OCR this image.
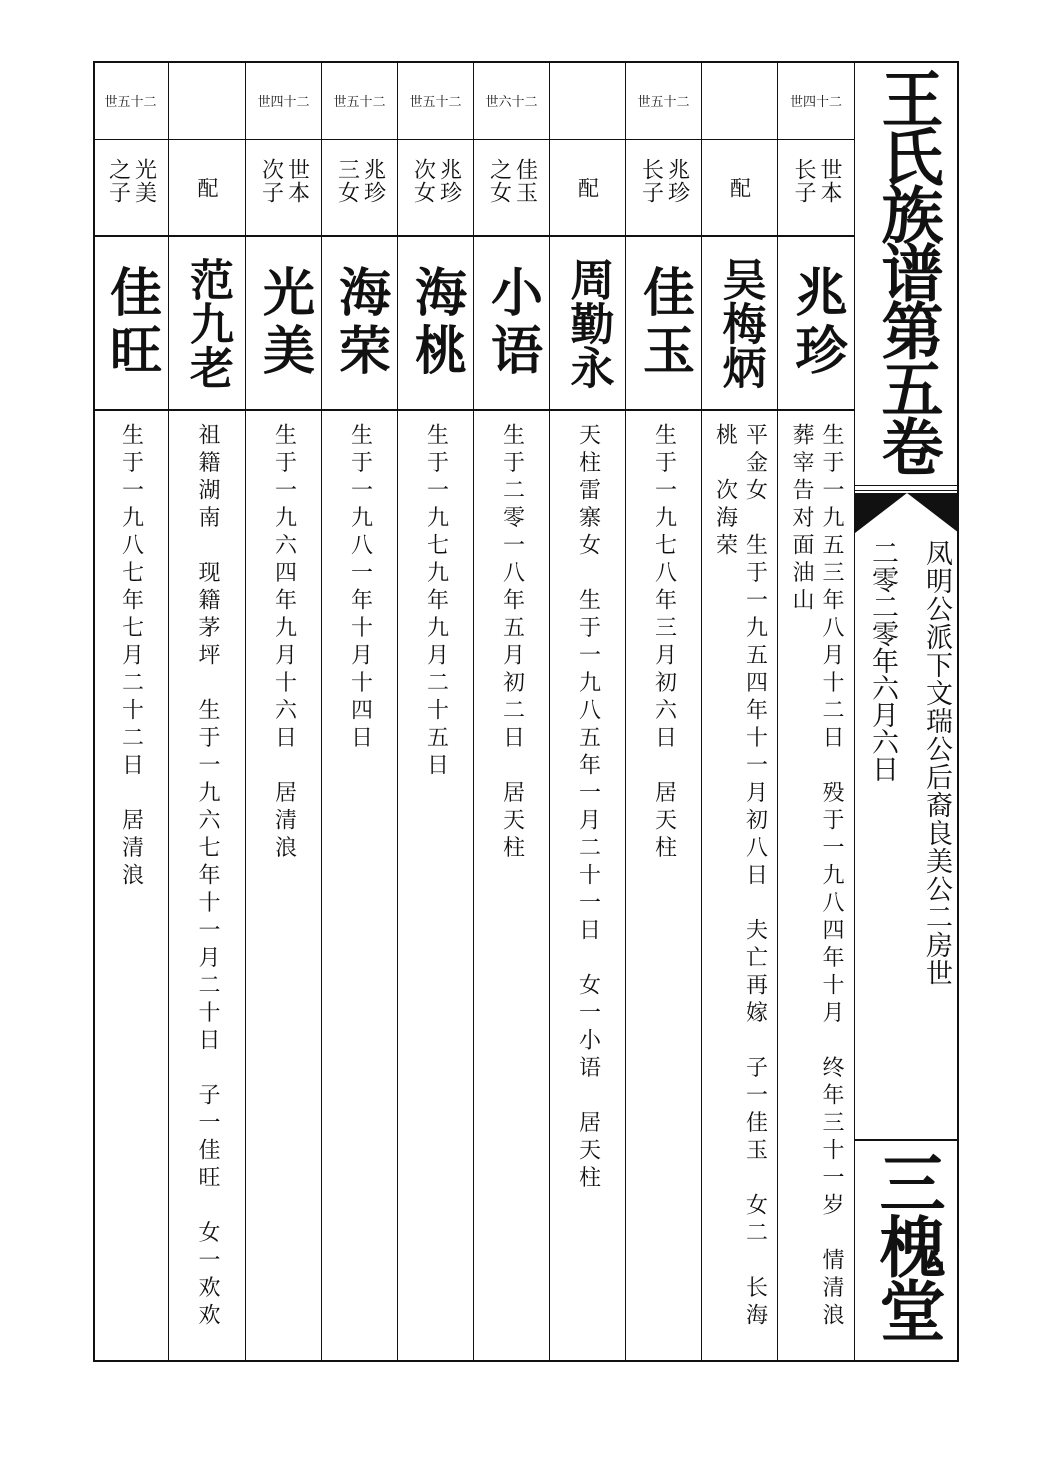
二十五世
光美之子
佳旺
生于一九八七年七月二十二日　居清浪
配
范九老
祖籍湖南　现籍茅坪　生于一九六七年十一月二十日　子一佳旺　女一欢欢
二十四世
世本次子
光美
生于一九六四年九月十六日　居清浪
二十五世
兆珍三女
海荣
生于一九八一年十月十四日
二十五世
兆珍次女
海桃
生于一九七九年九月二十五日
二十六世
佳玉之女
小语
生于二零一八年五月初二日　居天柱
配
周勤永
天柱雷寨女　生于一九八五年一月二十一日　女一小语　居天柱
二十五世
兆珍长子
佳玉
生于一九七八年三月初六日　居天柱
配
吴梅炳
平金女　生于一九五四年十一月初八日　夫亡再嫁　子一佳玉　女二　长海
桃　次海荣
二十四世
世本长子
兆珍
生于一九五三年八月十二日　殁于一九八四年十月　终年三十一岁　情清浪
葬宰告对面油山
王氏族谱第五卷
凤明公派下文瑞公后裔良美公二房世
二零二零年六月六日
三槐堂
